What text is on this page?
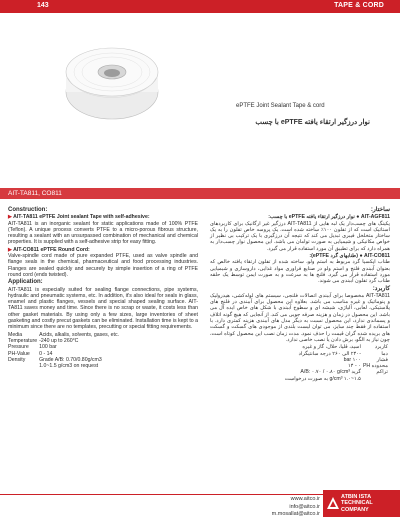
143	TAPE & CORD
ePTFE Joint Sealant Tape & cord
نوار درزگیر ارتقاء یافته ePTFE با چسب
AIT-TA811, CO811
Construction:
▶ AIT-TA811 ePTFE Joint sealant Tape with self-adhesive:

AIT-TA811 is an inorganic sealant for static applications made of 100% PTFE (Teflon). A unique process converts PTFE to a micro-porous fibrous structure, resulting a sealant with an unsurpassed combination of mechanical and chemical properties. It is supplied with a self-adhesive strip for easy fitting.

▶ AIT-CO811 ePTFE Round Cord:

Valve-spindle cord made of pure expanded PTFE, used as valve spindle and flange seals in the chemical, pharmaceutical and food processing industries. Flanges are sealed quickly and securely by simple insertion of a ring of PTFE round cord (ends twisted).

Application:

AIT-TA811 is especially suited for sealing flange connections, pipe systems, hydraulic and pneumatic systems, etc. In addition, it's also ideal for seals in glass, enamel and plastic flanges, vessels and special shaped sealing surface. AIT-TA811 saves money and time. Since there is no scrap or waste, it costs less than other gasket materials. By using only a few sizes, large inventories of sheet gasketing and costly precut gaskets can be eliminated. Installation time is kept to a minimum since there are no templates, precutting or special fitting requirements.

Media	Acids, alkalis, solvents, gases, etc.
Temperature	-240 up to 260°C
Pressure	100 bar
PH-Value	0 - 14
Density	Grade A/B: 0.70/0.80g/cm3
	1.0~1.5 g/cm3 on request
ساختار:
AIT-AGF811 ● نوار درزگیر ارتقاء یافته ePTFE با چسب:

پکینگ های چسب‌دار یک لبه هایی از AIT-TA811 درزگیر غیر ارگانیک برای کاربردهای استاتیک است که از تفلون ۱۰۰٪ ساخته شده است. یک پروسه خاص تفلون را به یک ساختار متخلخل فیبری تبدیل می کند که نتیجه آن درزگیری با یک ترکیب بی نظیر از خواص مکانیکی و شیمیایی به صورت توامان می باشد. این محصول نوار چسب‌دار به همراه دارد که برای تطبیق آن مورد استفاده قرار می گیرد.

AIT-CO811 ● (طنابهای گرد ePTFE):

طناب اپکسیا گرد مربوط به استم ولو، ساخته شده از تفلون ارتقاء یافته خالص که بعنوان آببندی فلنج و استم ولو در صنایع فراوری مواد غذایی، داروسازی و شیمیایی مورد استفاده قرار می گیرد. فلنج ها به سرعت و به صورت ایمن توسط یک حلقه طناب گرد تفلون آببندی می شوند.

کاربرد:

AIT-TA811 مخصوصا برای آببندی اتصالات فلنجی، سیستم های لوله‌کشی، هیدرولیک و پنوماتیک و غیره مناسب می باشد. بعلاوه این محصول برای آببندی در فلنج های پلاستیکی، لعابی، آلیاژی، شیشه ای و سطوح آببندی با شکل های خاص ایده آل می باشد. این محصول در زمان و هزینه صرفه جویی می کند. از آنجایی که هیچ گونه اتلاف و پسماندی ندارد، این محصول نسبت به دیگر مدل های آببندی هزینه کمتری دارد. با استفاده از فقط چند سایز، می توان لیست بلندی از موجودی های گسکت و گسکت های بریده شده گران قیمت را حذف نمود. مدت زمان نصب این محصول کوتاه است، چون نیاز به الگو، برش دادن یا نصب خاصی ندارد.

کاربرد	اسید، قلیا، حلال، گاز و غیره
دما	-۲۴۰ الی ۲۶۰ درجه سانتیگراد
فشار	۱۰۰ bar
محدوده PH	۰ - ۱۴
تراکم	گرید A/B: ۰.۷۰ / ۰.۸۰ g/cm³
	۱.۵~۱.۰ g/cm³ به صورت درخواست
www.aitco.ir
info@aitco.ir
m.mosallat@aitco.ir
ATBIN ISTA
TECHNICAL
COMPANY
